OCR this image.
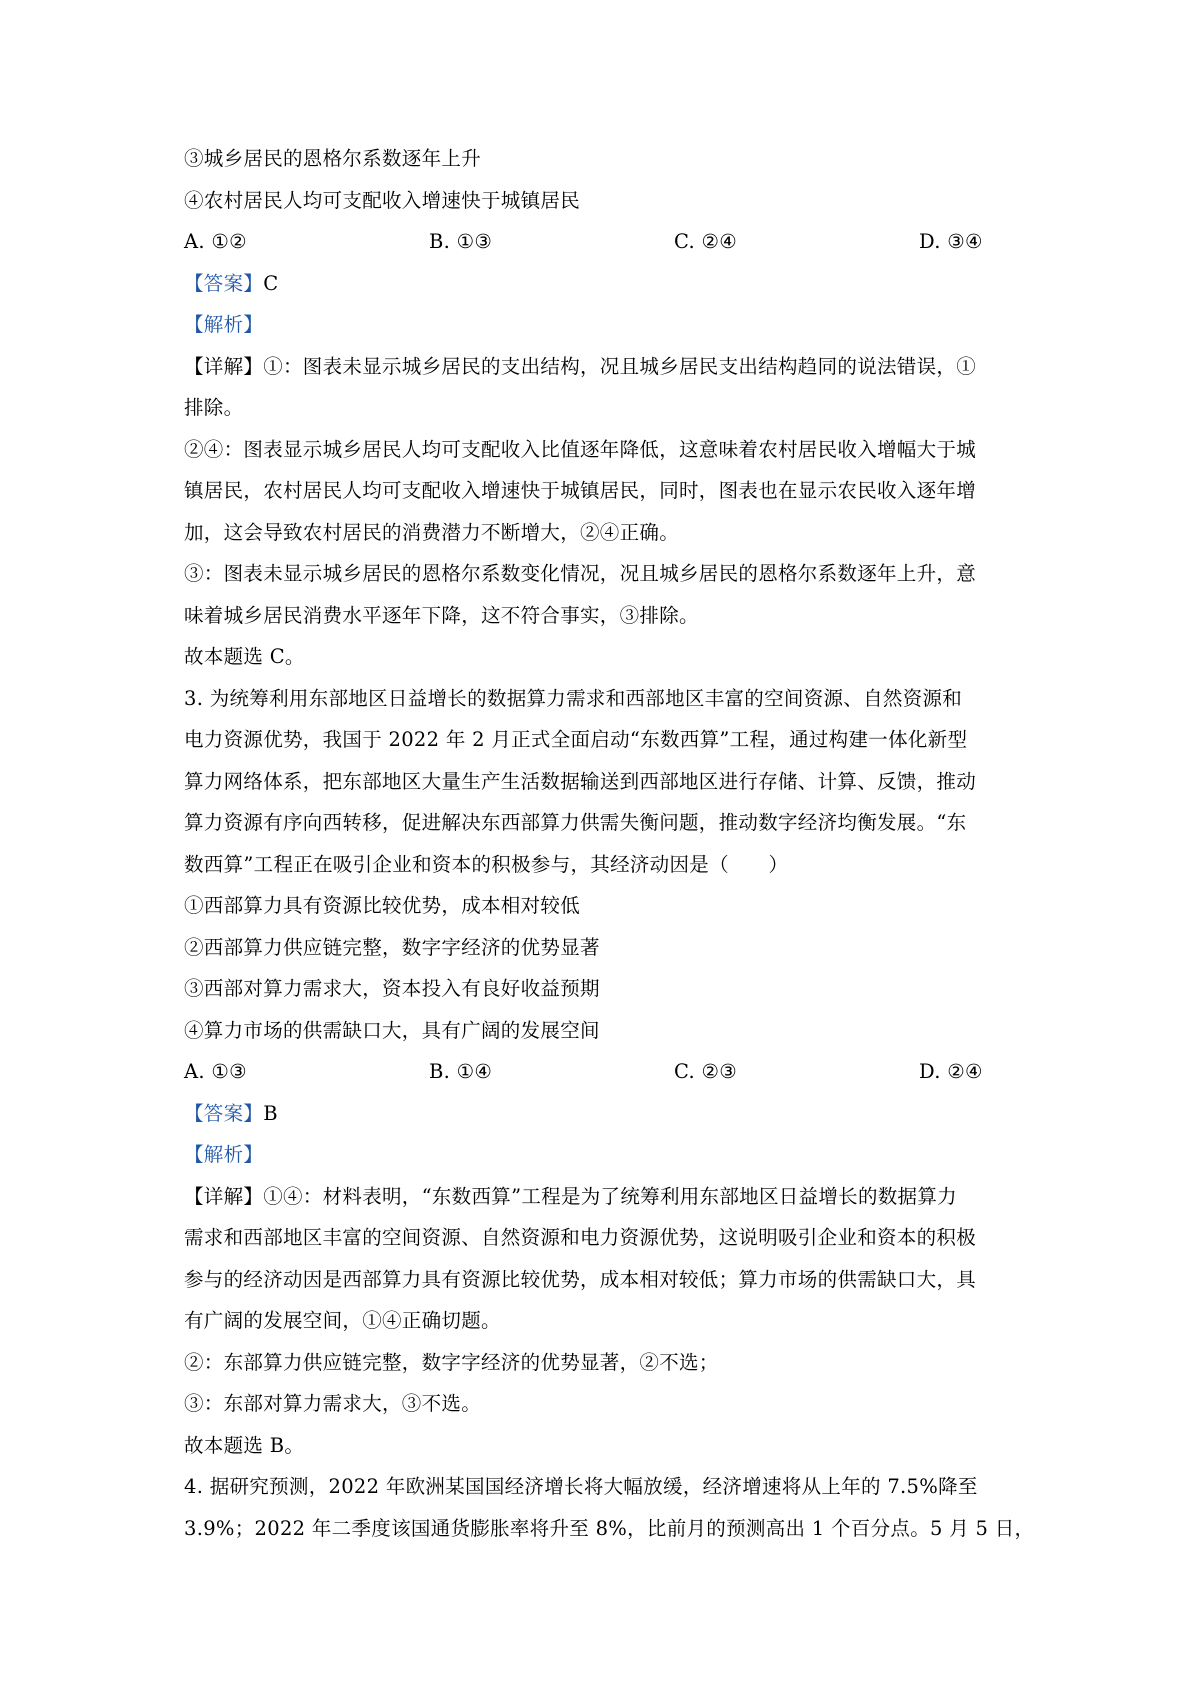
③城乡居民的恩格尔系数逐年上升
④农村居民人均可支配收入增速快于城镇居民
A. ①②	B. ①③	C. ②④	D. ③④
【答案】C
【解析】
【详解】①：图表未显示城乡居民的支出结构，况且城乡居民支出结构趋同的说法错误，①
排除。
②④：图表显示城乡居民人均可支配收入比值逐年降低，这意味着农村居民收入增幅大于城
镇居民，农村居民人均可支配收入增速快于城镇居民，同时，图表也在显示农民收入逐年增
加，这会导致农村居民的消费潜力不断增大，②④正确。
③：图表未显示城乡居民的恩格尔系数变化情况，况且城乡居民的恩格尔系数逐年上升，意
味着城乡居民消费水平逐年下降，这不符合事实，③排除。
故本题选 C。
3. 为统筹利用东部地区日益增长的数据算力需求和西部地区丰富的空间资源、自然资源和
电力资源优势，我国于 2022 年 2 月正式全面启动“东数西算”工程，通过构建一体化新型
算力网络体系，把东部地区大量生产生活数据输送到西部地区进行存储、计算、反馈，推动
算力资源有序向西转移，促进解决东西部算力供需失衡问题，推动数字经济均衡发展。“东
数西算”工程正在吸引企业和资本的积极参与，其经济动因是（　　）
①西部算力具有资源比较优势，成本相对较低
②西部算力供应链完整，数字字经济的优势显著
③西部对算力需求大，资本投入有良好收益预期
④算力市场的供需缺口大，具有广阔的发展空间
A. ①③	B. ①④	C. ②③	D. ②④
【答案】B
【解析】
【详解】①④：材料表明，“东数西算”工程是为了统筹利用东部地区日益增长的数据算力
需求和西部地区丰富的空间资源、自然资源和电力资源优势，这说明吸引企业和资本的积极
参与的经济动因是西部算力具有资源比较优势，成本相对较低；算力市场的供需缺口大，具
有广阔的发展空间，①④正确切题。
②：东部算力供应链完整，数字字经济的优势显著，②不选；
③：东部对算力需求大，③不选。
故本题选 B。
4. 据研究预测，2022 年欧洲某国国经济增长将大幅放缓，经济增速将从上年的 7.5%降至
3.9%；2022 年二季度该国通货膨胀率将升至 8%，比前月的预测高出 1 个百分点。5 月 5 日，
